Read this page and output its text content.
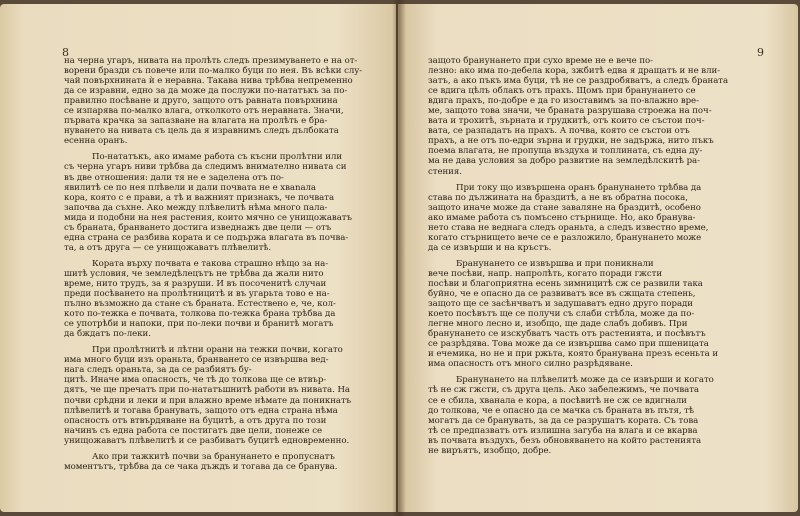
8
на черна угаръ, нивата на пролѣть следъ презимуването е на от-
ворени бразди съ повече или по-малко буци по нея. Въ всѣки слу-
чай повърхнината ѝ е неравна. Такава нива трѣбва непременно
да се изравни, едно за да може да послужи по-нататъкъ за по-
правилно посѣване и друго, защото отъ равната повърхнина
се изпарява по-малко влага, отколкото отъ неравната. Значи,
първата крачка за запазване на влагата на пролѣть е бра-
нуването на нивата съ цель да я изравнимъ следъ дълбоката
есенна оранъ.
По-нататъкъ, ако имаме работа съ късни пролѣтни или
съ черна угаръ ниви трѣбва да следимъ внимателно нивата си
въ две отношения: дали тя не е заделена отъ по-
явилитѣ се по нея плѣвели и дали почвата не е хвanaла
кора, която с е прави, а тѣ и важният признакъ, че почвата
започва да съхне. Ако между плѣвелитѣ нѣма много пала-
мида и подобни на нея растения, които мячно се унищожаватъ
съ браната, бранването достига изведнажъ две цели — отъ
една страна се разбива кората и се подържа влагата въ почва-
та, а отъ друга — се унищожаватъ плѣвелитѣ.
Кората върху почвата е такова страшно нѣщо за на-
шитѣ условия, че земледѣлецътъ не трѣбва да жали нито
време, нито трудъ, за я разруши. И въ посоченитѣ случаи
преди посѣването на пролѣтницитѣ и въ угарьта тово е на-
пълно възможно да стане съ браната. Естествено е, че, кол-
кото по-тежка е почвата, толкова по-тежка брана трѣбва да
се употрѣби и напоки, при по-леки почви и бранитѣ могатъ
да бждатъ по-леки.
При пролѣтнитѣ и лѣтни орани на тежки почви, когато
има много буци изъ ораньта, бранването се извършва вед-
нага следъ ораньта, за да се разбиятъ бу-
цитѣ. Иначе има опасность, че тѣ до толкова ще се втвър-
дятъ, че ще пречатъ при по-нататъшнитѣ работи въ нивата. На
почви срѣдни и леки и при влажно време нѣмате да поникнатъ
плѣвелитѣ и тогава бранувать, защото отъ една страна нѣма
опасность отъ втвърдяване на буцитѣ, а отъ друга по този
начинъ съ една работа се постигатъ две цели, понеже се
унищожаватъ плѣвелитѣ и се разбиватъ буцитѣ едновременно.
Ако при тажкитѣ почви за бранунането е пропуснатъ
моментътъ, трѣбва да се чака дъждъ и тогава да се бранува.
9
защото бранунането при сухо време не е вече по-
лезно: ако има по-дебела кора, зжбитѣ едва я дращатъ и не вли-
затъ, а ако пъкъ има буци, тѣ не се раздробяватъ, а следъ браната
се вдига цѣлъ облакъ отъ прахъ. Щомъ при бранунането се
вдига прахъ, по-добре е да го изоставимъ за по-влажно вре-
ме, защото това значи, че браната разрушава строежа на поч-
вата и трохитѣ, зърната и грудкитѣ, отъ които се състои поч-
вата, се разпадатъ на прахъ. А почва, която се състои отъ
прахъ, а не отъ по-едри зърна и грудки, не задържа, нито пъкъ
поема влагата, не пропуща въздуха и топлината, съ една ду-
ма не дава условия за добро развитие на земледѣлскитѣ ра-
стения.
При току що извършена оранъ бранунането трѣбва да
става по дължината на браздитѣ, а не въ обратна посока,
защото иначе може да стане заваляне на браздитѣ, особено
ако имаме работа съ помъсено стърнище. Но, ако бранува-
нето става не веднага следъ ораньта, а следъ известно време,
когато стърнището вече се е разложило, бранунането може
да се извърши и на кръстъ.
Бранунането се извършва и при поникнали
вече посѣви, напр. напролѣть, когато поради гжсти
посѣви и благоприятна есень зимницитѣ сж се развили така
буйно, че е опасно да се развиватъ все въ сжщата степень,
защото ще се засѣнчватъ и задушаватъ едно друго поради
което посѣвътъ ще се получи съ слаби стѣбла, може да по-
легне много лесно и, изобщо, ще даде слабъ добивъ. При
бранунането се изскубватъ часть отъ растенията, и посѣвътъ
се разрѣдява. Това може да се извършва само при пшеницата
и ечемика, но не и при ржьта, която бранувана презъ есеньта и
има опасность отъ много силно разрѣдяване.
Бранунането на плѣвелитѣ може да се извърши и когато
тѣ не сж гжсти, съ друга цель. Ако забележимъ, че почвата
се е сбила, хванала е кора, а посѣвитѣ не сж се вдигнали
до толкова, че е опасно да се мачка съ браната въ пътя, тѣ
могатъ да се бранувать, за да се разрушатъ кората. Съ това
тѣ се предпазватъ отъ излишна загуба на влага и се вкарва
въ почвата въздухъ, безъ обновяването на който растенията
не виръятъ, изобщо, добре.
